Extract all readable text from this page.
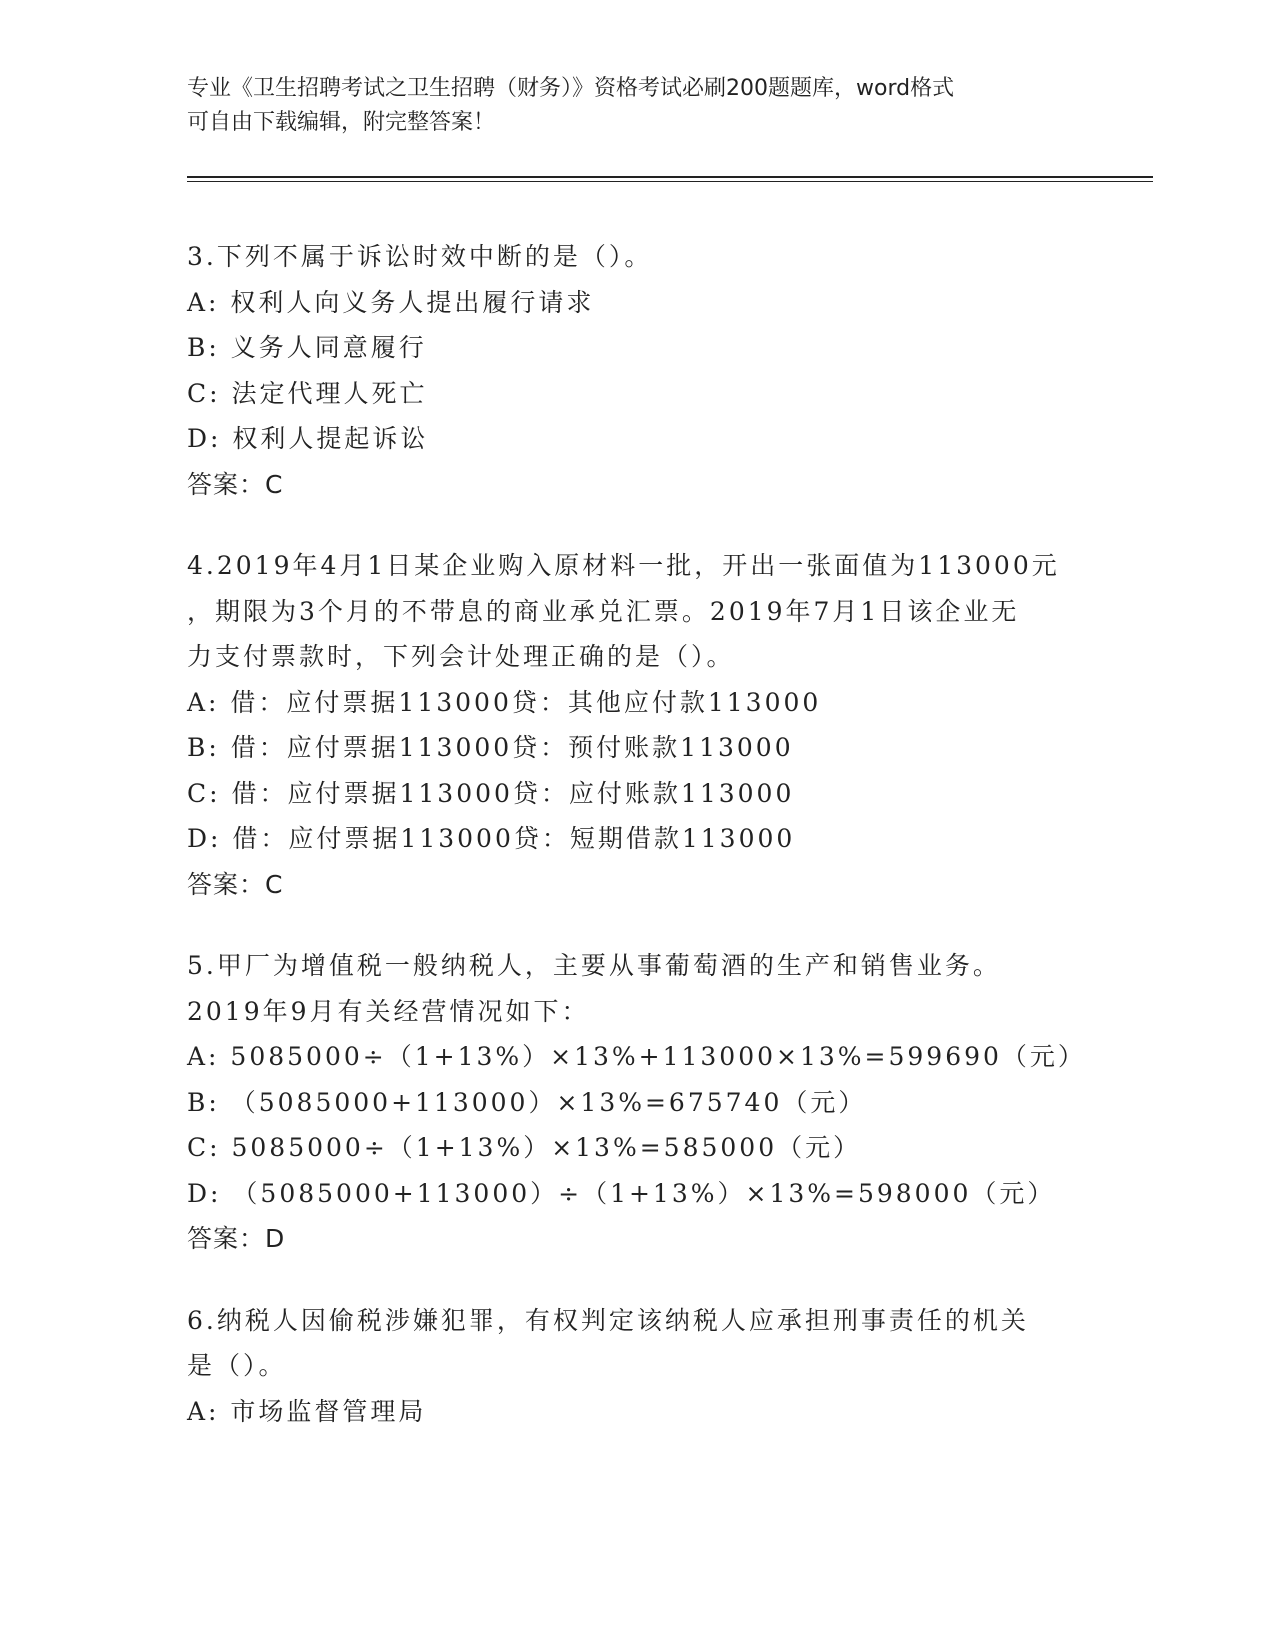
专业《卫生招聘考试之卫生招聘（财务）》资格考试必刷200题题库，word格式
可自由下载编辑，附完整答案！
3.下列不属于诉讼时效中断的是（）。
A: 权利人向义务人提出履行请求
B: 义务人同意履行
C: 法定代理人死亡
D: 权利人提起诉讼
答案：C
4.2019年4月1日某企业购入原材料一批，开出一张面值为113000元
，期限为3个月的不带息的商业承兑汇票。2019年7月1日该企业无
力支付票款时，下列会计处理正确的是（）。
A: 借：应付票据113000贷：其他应付款113000
B: 借：应付票据113000贷：预付账款113000
C: 借：应付票据113000贷：应付账款113000
D: 借：应付票据113000贷：短期借款113000
答案：C
5.甲厂为增值税一般纳税人，主要从事葡萄酒的生产和销售业务。
2019年9月有关经营情况如下：
A: 5085000÷（1+13%）×13%+113000×13%=599690（元）
B: （5085000+113000）×13%=675740（元）
C: 5085000÷（1+13%）×13%=585000（元）
D: （5085000+113000）÷（1+13%）×13%=598000（元）
答案：D
6.纳税人因偷税涉嫌犯罪，有权判定该纳税人应承担刑事责任的机关
是（）。
A: 市场监督管理局
